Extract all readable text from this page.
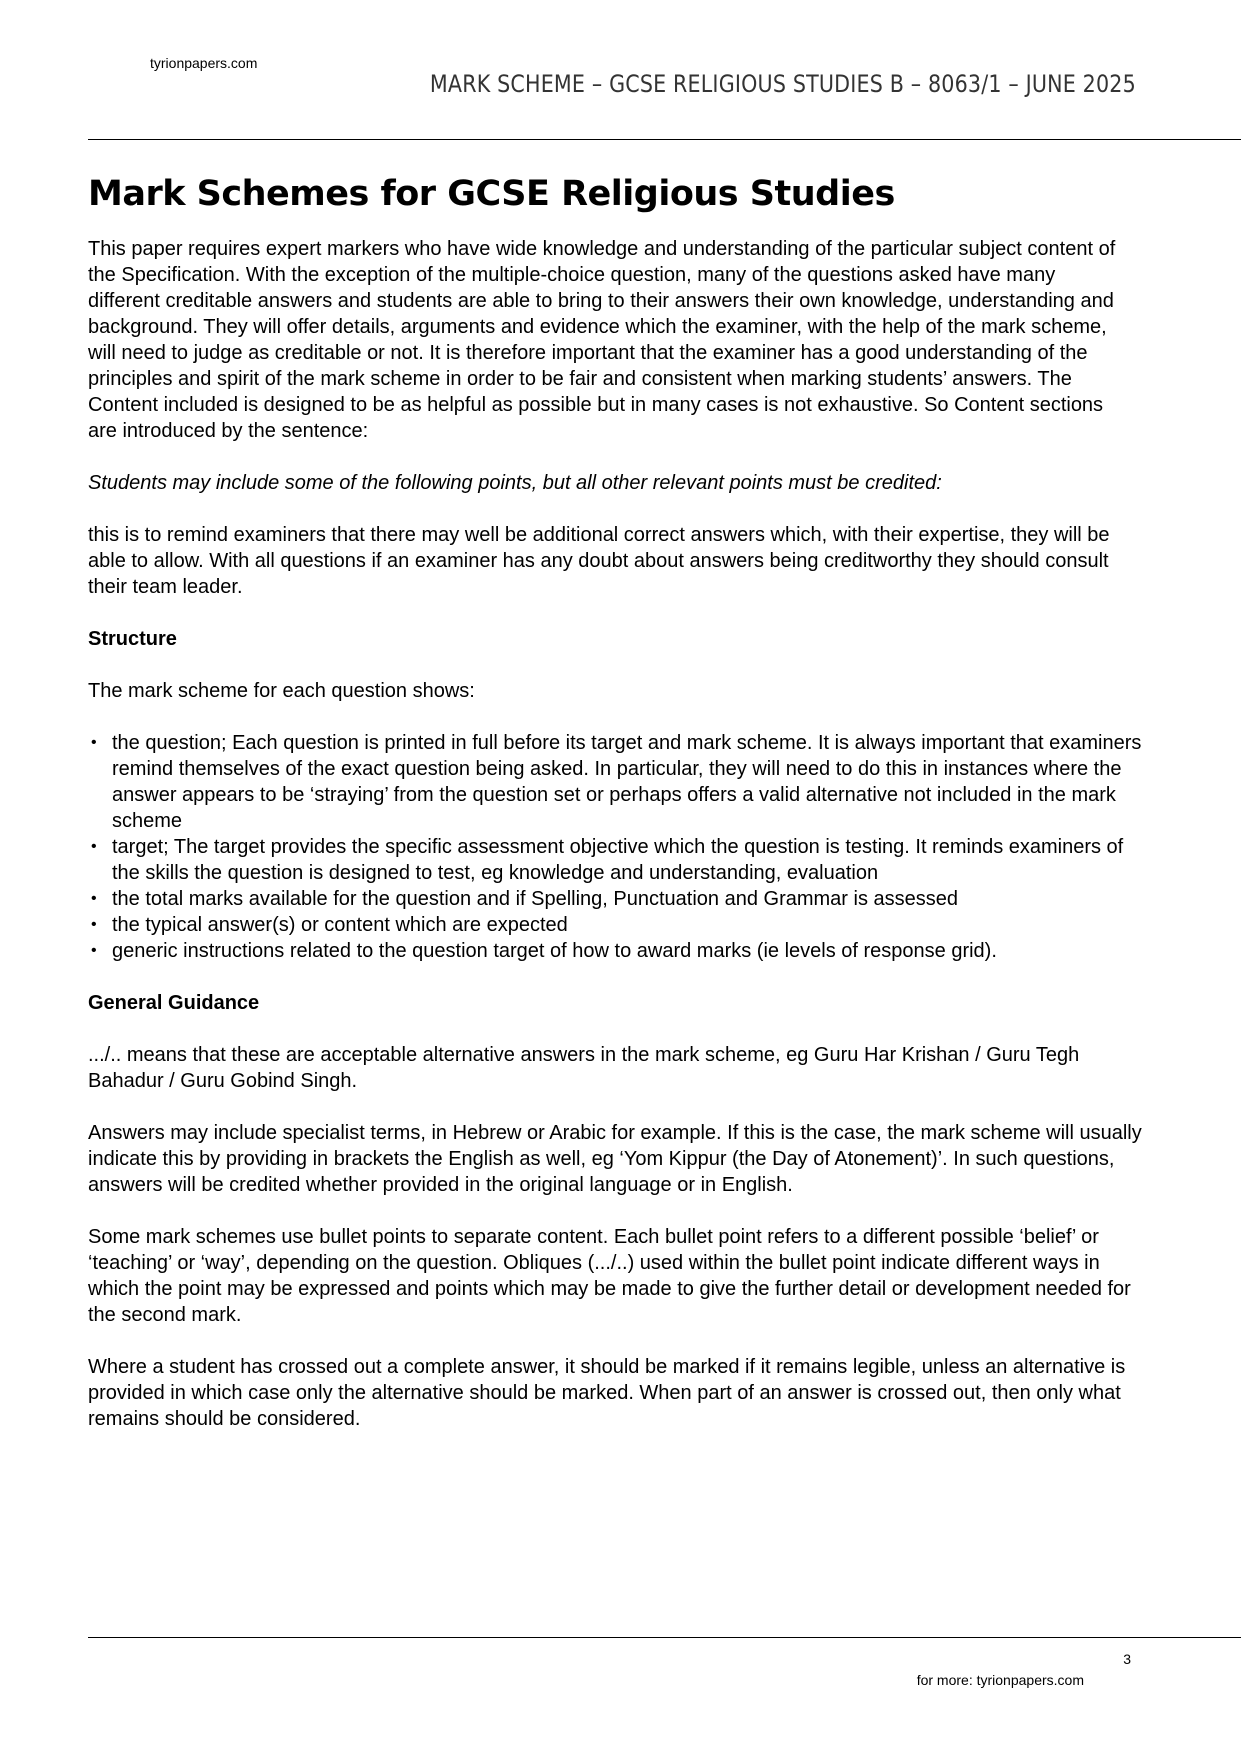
tyrionpapers.com
MARK SCHEME – GCSE RELIGIOUS STUDIES B – 8063/1 – JUNE 2025
Mark Schemes for GCSE Religious Studies

This paper requires expert markers who have wide knowledge and understanding of the particular subject content of the Specification. With the exception of the multiple-choice question, many of the questions asked have many different creditable answers and students are able to bring to their answers their own knowledge, understanding and background. They will offer details, arguments and evidence which the examiner, with the help of the mark scheme, will need to judge as creditable or not. It is therefore important that the examiner has a good understanding of the principles and spirit of the mark scheme in order to be fair and consistent when marking students’ answers. The Content included is designed to be as helpful as possible but in many cases is not exhaustive. So Content sections are introduced by the sentence:

Students may include some of the following points, but all other relevant points must be credited:

this is to remind examiners that there may well be additional correct answers which, with their expertise, they will be able to allow. With all questions if an examiner has any doubt about answers being creditworthy they should consult their team leader.

Structure

The mark scheme for each question shows:

• the question; Each question is printed in full before its target and mark scheme. It is always important that examiners remind themselves of the exact question being asked. In particular, they will need to do this in instances where the answer appears to be ‘straying’ from the question set or perhaps offers a valid alternative not included in the mark scheme
• target; The target provides the specific assessment objective which the question is testing. It reminds examiners of the skills the question is designed to test, eg knowledge and understanding, evaluation
• the total marks available for the question and if Spelling, Punctuation and Grammar is assessed
• the typical answer(s) or content which are expected
• generic instructions related to the question target of how to award marks (ie levels of response grid).
General Guidance

.../.. means that these are acceptable alternative answers in the mark scheme, eg Guru Har Krishan / Guru Tegh Bahadur / Guru Gobind Singh.

Answers may include specialist terms, in Hebrew or Arabic for example. If this is the case, the mark scheme will usually indicate this by providing in brackets the English as well, eg ‘Yom Kippur (the Day of Atonement)’. In such questions, answers will be credited whether provided in the original language or in English.

Some mark schemes use bullet points to separate content. Each bullet point refers to a different possible ‘belief’ or ‘teaching’ or ‘way’, depending on the question. Obliques (.../..) used within the bullet point indicate different ways in which the point may be expressed and points which may be made to give the further detail or development needed for the second mark.

Where a student has crossed out a complete answer, it should be marked if it remains legible, unless an alternative is provided in which case only the alternative should be marked. When part of an answer is crossed out, then only what remains should be considered.

3
for more: tyrionpapers.com
